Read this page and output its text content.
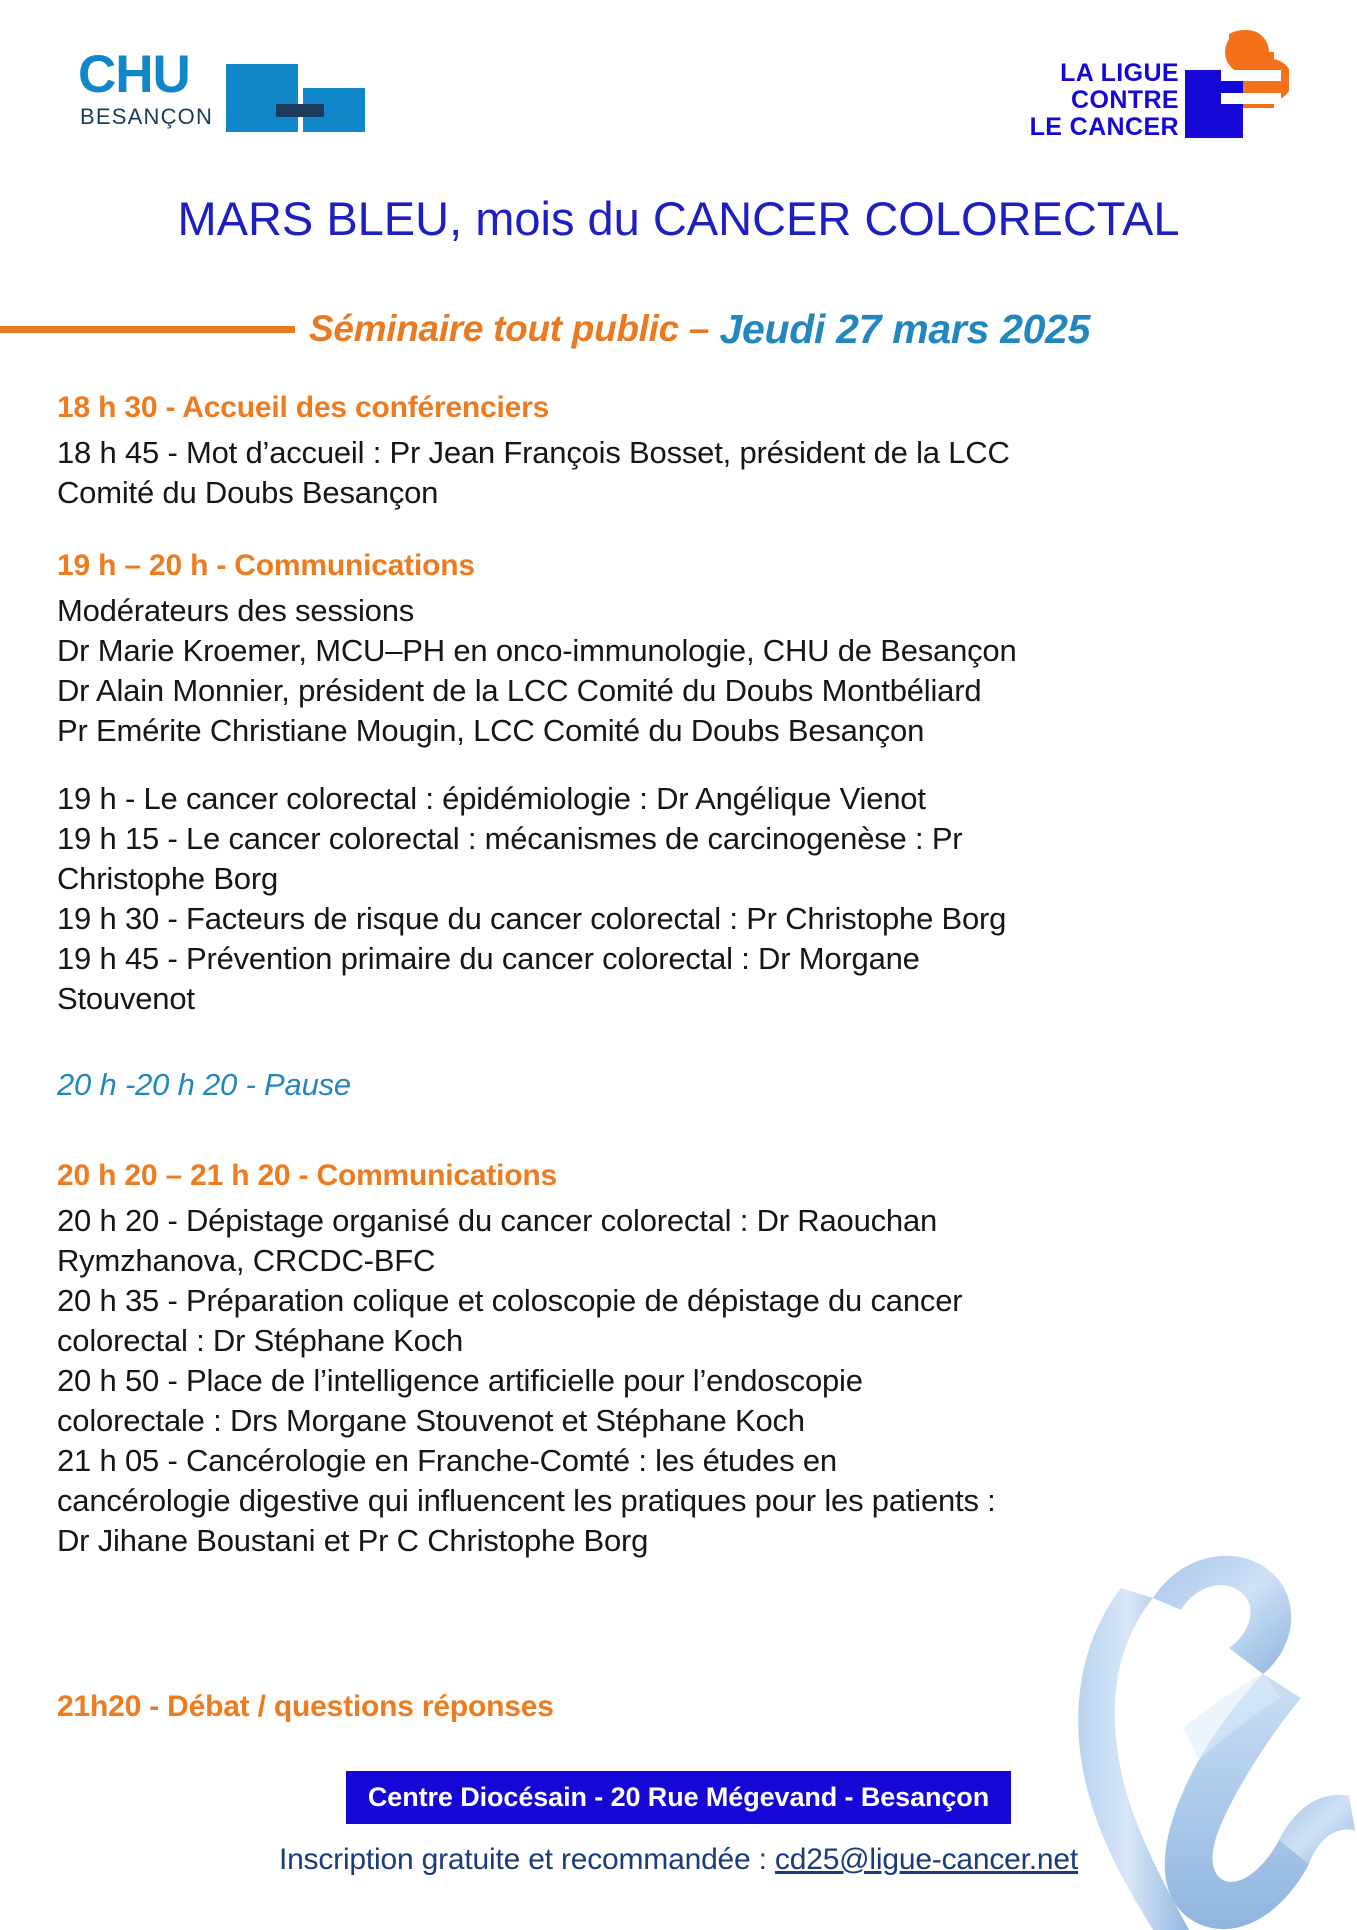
CHU
BESANÇON
LA LIGUE
CONTRE
LE CANCER
MARS BLEU, mois du CANCER COLORECTAL
Séminaire tout public – Jeudi 27 mars 2025
18 h 30 - Accueil des conférenciers
18 h 45 - Mot d’accueil : Pr Jean François Bosset, président de la LCC
Comité du Doubs Besançon
19 h – 20 h - Communications
Modérateurs des sessions
Dr Marie Kroemer, MCU–PH en onco-immunologie, CHU de Besançon
Dr Alain Monnier, président de la LCC Comité du Doubs Montbéliard
Pr Emérite Christiane Mougin, LCC Comité du Doubs Besançon
19 h - Le cancer colorectal : épidémiologie : Dr Angélique Vienot
19 h 15 - Le cancer colorectal : mécanismes de carcinogenèse : Pr
Christophe Borg
19 h 30 - Facteurs de risque du cancer colorectal : Pr Christophe Borg
19 h 45 - Prévention primaire du cancer colorectal : Dr Morgane
Stouvenot
20 h -20 h 20 - Pause
20 h 20 – 21 h 20 - Communications
20 h 20 - Dépistage organisé du cancer colorectal : Dr Raouchan
Rymzhanova, CRCDC-BFC
20 h 35 - Préparation colique et coloscopie de dépistage du cancer
colorectal : Dr Stéphane Koch
20 h 50 - Place de l’intelligence artificielle pour l’endoscopie
colorectale : Drs Morgane Stouvenot et Stéphane Koch
21 h 05 - Cancérologie en Franche-Comté : les études en
cancérologie digestive qui influencent les pratiques pour les patients :
Dr Jihane Boustani et Pr C Christophe Borg
21h20 - Débat / questions réponses
Centre Diocésain - 20 Rue Mégevand - Besançon
Inscription gratuite et recommandée : cd25@ligue-cancer.net
